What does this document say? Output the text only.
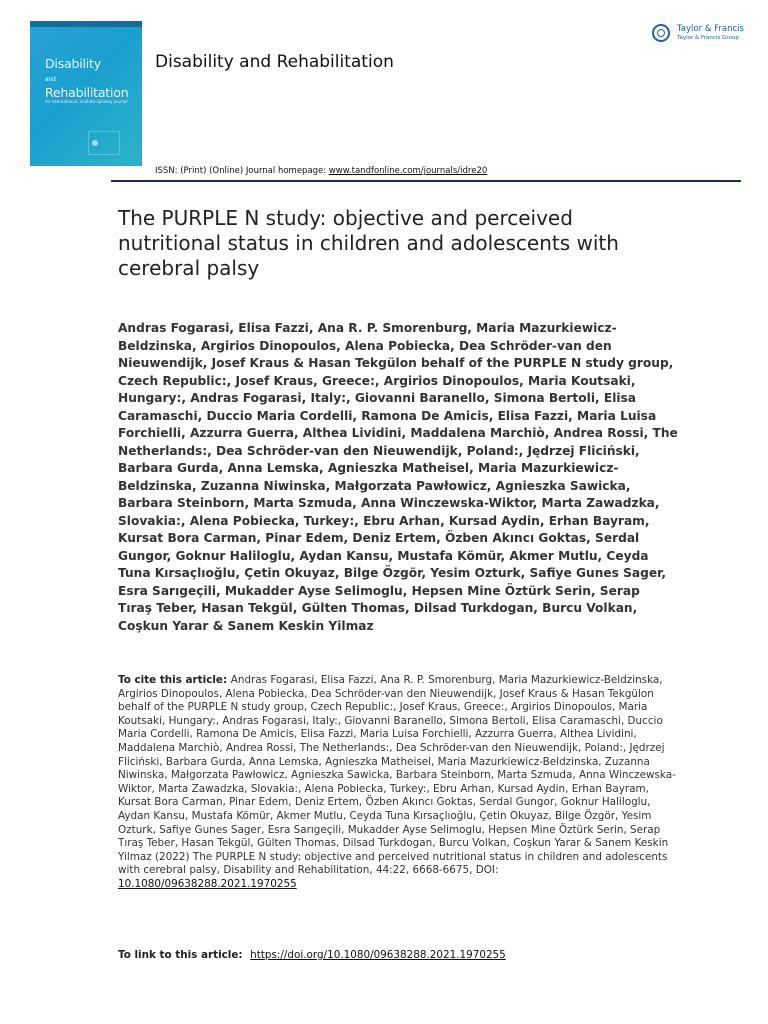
Disability
and
Rehabilitation
An international, multidisciplinary journal
Disability and Rehabilitation
Taylor & Francis
Taylor & Francis Group
ISSN: (Print) (Online) Journal homepage: www.tandfonline.com/journals/idre20
The PURPLE N study: objective and perceived nutritional status in children and adolescents with cerebral palsy
Andras Fogarasi, Elisa Fazzi, Ana R. P. Smorenburg, Maria Mazurkiewicz-Beldzinska, Argirios Dinopoulos, Alena Pobiecka, Dea Schröder-van den Nieuwendijk, Josef Kraus & Hasan Tekgülon behalf of the PURPLE N study group, Czech Republic:, Josef Kraus, Greece:, Argirios Dinopoulos, Maria Koutsaki, Hungary:, Andras Fogarasi, Italy:, Giovanni Baranello, Simona Bertoli, Elisa Caramaschi, Duccio Maria Cordelli, Ramona De Amicis, Elisa Fazzi, Maria Luisa Forchielli, Azzurra Guerra, Althea Lividini, Maddalena Marchiò, Andrea Rossi, The Netherlands:, Dea Schröder-van den Nieuwendijk, Poland:, Jędrzej Fliciński, Barbara Gurda, Anna Lemska, Agnieszka Matheisel, Maria Mazurkiewicz-Beldzinska, Zuzanna Niwinska, Małgorzata Pawłowicz, Agnieszka Sawicka, Barbara Steinborn, Marta Szmuda, Anna Winczewska-Wiktor, Marta Zawadzka, Slovakia:, Alena Pobiecka, Turkey:, Ebru Arhan, Kursad Aydin, Erhan Bayram, Kursat Bora Carman, Pinar Edem, Deniz Ertem, Özben Akıncı Goktas, Serdal Gungor, Goknur Haliloglu, Aydan Kansu, Mustafa Kömür, Akmer Mutlu, Ceyda Tuna Kırsaçlıoğlu, Çetin Okuyaz, Bilge Özgör, Yesim Ozturk, Safiye Gunes Sager, Esra Sarıgeçili, Mukadder Ayse Selimoglu, Hepsen Mine Öztürk Serin, Serap Tıraş Teber, Hasan Tekgül, Gülten Thomas, Dilsad Turkdogan, Burcu Volkan, Coşkun Yarar & Sanem Keskin Yilmaz
To cite this article: Andras Fogarasi, Elisa Fazzi, Ana R. P. Smorenburg, Maria Mazurkiewicz-Beldzinska, Argirios Dinopoulos, Alena Pobiecka, Dea Schröder-van den Nieuwendijk, Josef Kraus & Hasan Tekgülon behalf of the PURPLE N study group, Czech Republic:, Josef Kraus, Greece:, Argirios Dinopoulos, Maria Koutsaki, Hungary:, Andras Fogarasi, Italy:, Giovanni Baranello, Simona Bertoli, Elisa Caramaschi, Duccio Maria Cordelli, Ramona De Amicis, Elisa Fazzi, Maria Luisa Forchielli, Azzurra Guerra, Althea Lividini, Maddalena Marchiò, Andrea Rossi, The Netherlands:, Dea Schröder-van den Nieuwendijk, Poland:, Jędrzej Fliciński, Barbara Gurda, Anna Lemska, Agnieszka Matheisel, Maria Mazurkiewicz-Beldzinska, Zuzanna Niwinska, Małgorzata Pawłowicz, Agnieszka Sawicka, Barbara Steinborn, Marta Szmuda, Anna Winczewska-Wiktor, Marta Zawadzka, Slovakia:, Alena Pobiecka, Turkey:, Ebru Arhan, Kursad Aydin, Erhan Bayram, Kursat Bora Carman, Pinar Edem, Deniz Ertem, Özben Akıncı Goktas, Serdal Gungor, Goknur Haliloglu, Aydan Kansu, Mustafa Kömür, Akmer Mutlu, Ceyda Tuna Kırsaçlıoğlu, Çetin Okuyaz, Bilge Özgör, Yesim Ozturk, Safiye Gunes Sager, Esra Sarıgeçili, Mukadder Ayse Selimoglu, Hepsen Mine Öztürk Serin, Serap Tıraş Teber, Hasan Tekgül, Gülten Thomas, Dilsad Turkdogan, Burcu Volkan, Coşkun Yarar & Sanem Keskin Yilmaz (2022) The PURPLE N study: objective and perceived nutritional status in children and adolescents with cerebral palsy, Disability and Rehabilitation, 44:22, 6668-6675, DOI: 10.1080/09638288.2021.1970255
To link to this article: https://doi.org/10.1080/09638288.2021.1970255
